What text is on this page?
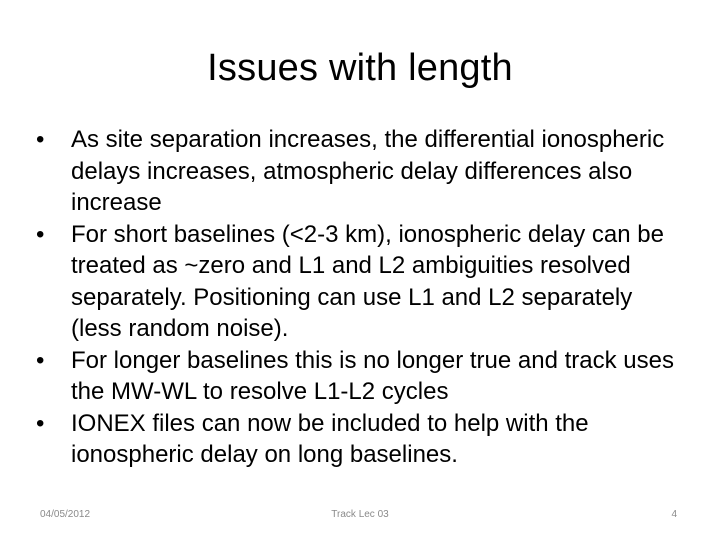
Issues with length
•	As site separation increases, the differential ionospheric delays increases, atmospheric delay differences also increase
•	For short baselines (<2-3 km), ionospheric delay can be treated as ~zero and L1 and L2 ambiguities resolved separately. Positioning can use L1 and L2 separately (less random noise).
•	For longer baselines this is no longer true and track uses the MW-WL to resolve L1-L2 cycles
•	IONEX files can now be included to help with the ionospheric delay on long baselines.
04/05/2012	Track Lec 03	4
